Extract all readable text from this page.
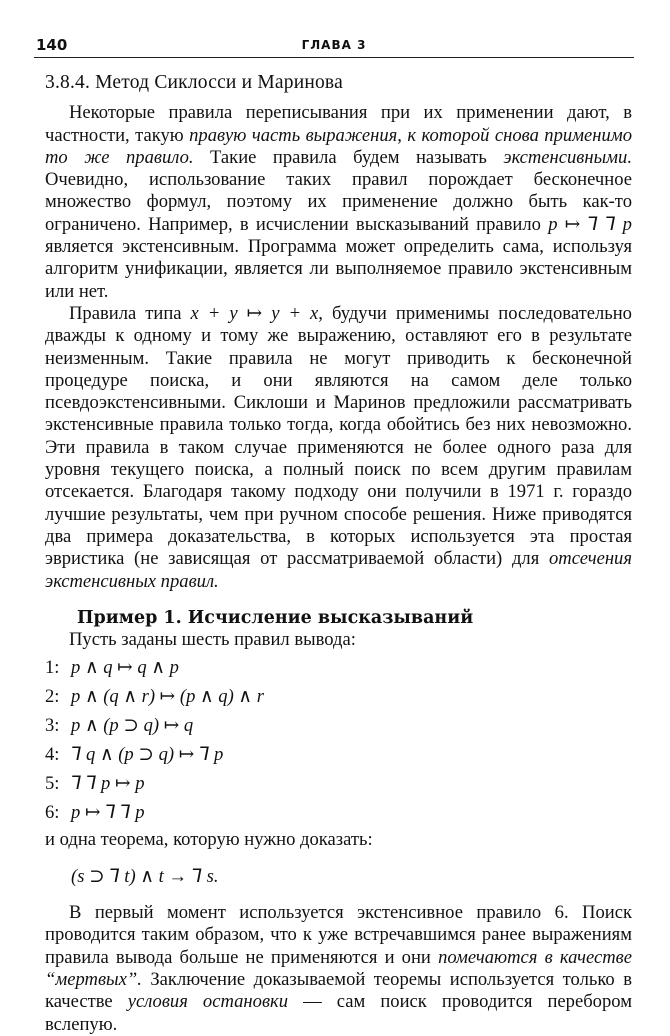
140	ГЛАВА 3
3.8.4. Метод Сиклосси и Маринова

Некоторые правила переписывания при их применении дают, в частности, такую правую часть выражения, к которой снова применимо то же правило. Такие правила будем называть экстенсивными. Очевидно, использование таких правил порождает бесконечное множество формул, поэтому их применение должно быть как-то ограничено. Например, в исчислении высказываний правило p ↦ ⅂ ⅂ p является экстенсивным. Программа может определить сама, используя алгоритм унификации, является ли выполняемое правило экстенсивным или нет.

Правила типа x + y ↦ y + x, будучи применимы последовательно дважды к одному и тому же выражению, оставляют его в результате неизменным. Такие правила не могут приводить к бесконечной процедуре поиска, и они являются на самом деле только псевдоэкстенсивными. Сиклоши и Маринов предложили рассматривать экстенсивные правила только тогда, когда обойтись без них невозможно. Эти правила в таком случае применяются не более одного раза для уровня текущего поиска, а полный поиск по всем другим правилам отсекается. Благодаря такому подходу они получили в 1971 г. гораздо лучшие результаты, чем при ручном способе решения. Ниже приводятся два примера доказательства, в которых используется эта простая эвристика (не зависящая от рассматриваемой области) для отсечения экстенсивных правил.

Пример 1. Исчисление высказываний

Пусть заданы шесть правил вывода:

1: p ∧ q ↦ q ∧ p
2: p ∧ (q ∧ r) ↦ (p ∧ q) ∧ r
3: p ∧ (p ⊃ q) ↦ q
4: ⅂ q ∧ (p ⊃ q) ↦ ⅂ p
5: ⅂ ⅂ p ↦ p
6: p ↦ ⅂ ⅂ p

и одна теорема, которую нужно доказать:

(s ⊃ ⅂ t) ∧ t → ⅂ s.

В первый момент используется экстенсивное правило 6. Поиск проводится таким образом, что к уже встречавшимся ранее выражениям правила вывода больше не применяются и они помечаются в качестве “мертвых”. Заключение доказываемой теоремы используется только в качестве условия остановки — сам поиск проводится перебором вслепую.
